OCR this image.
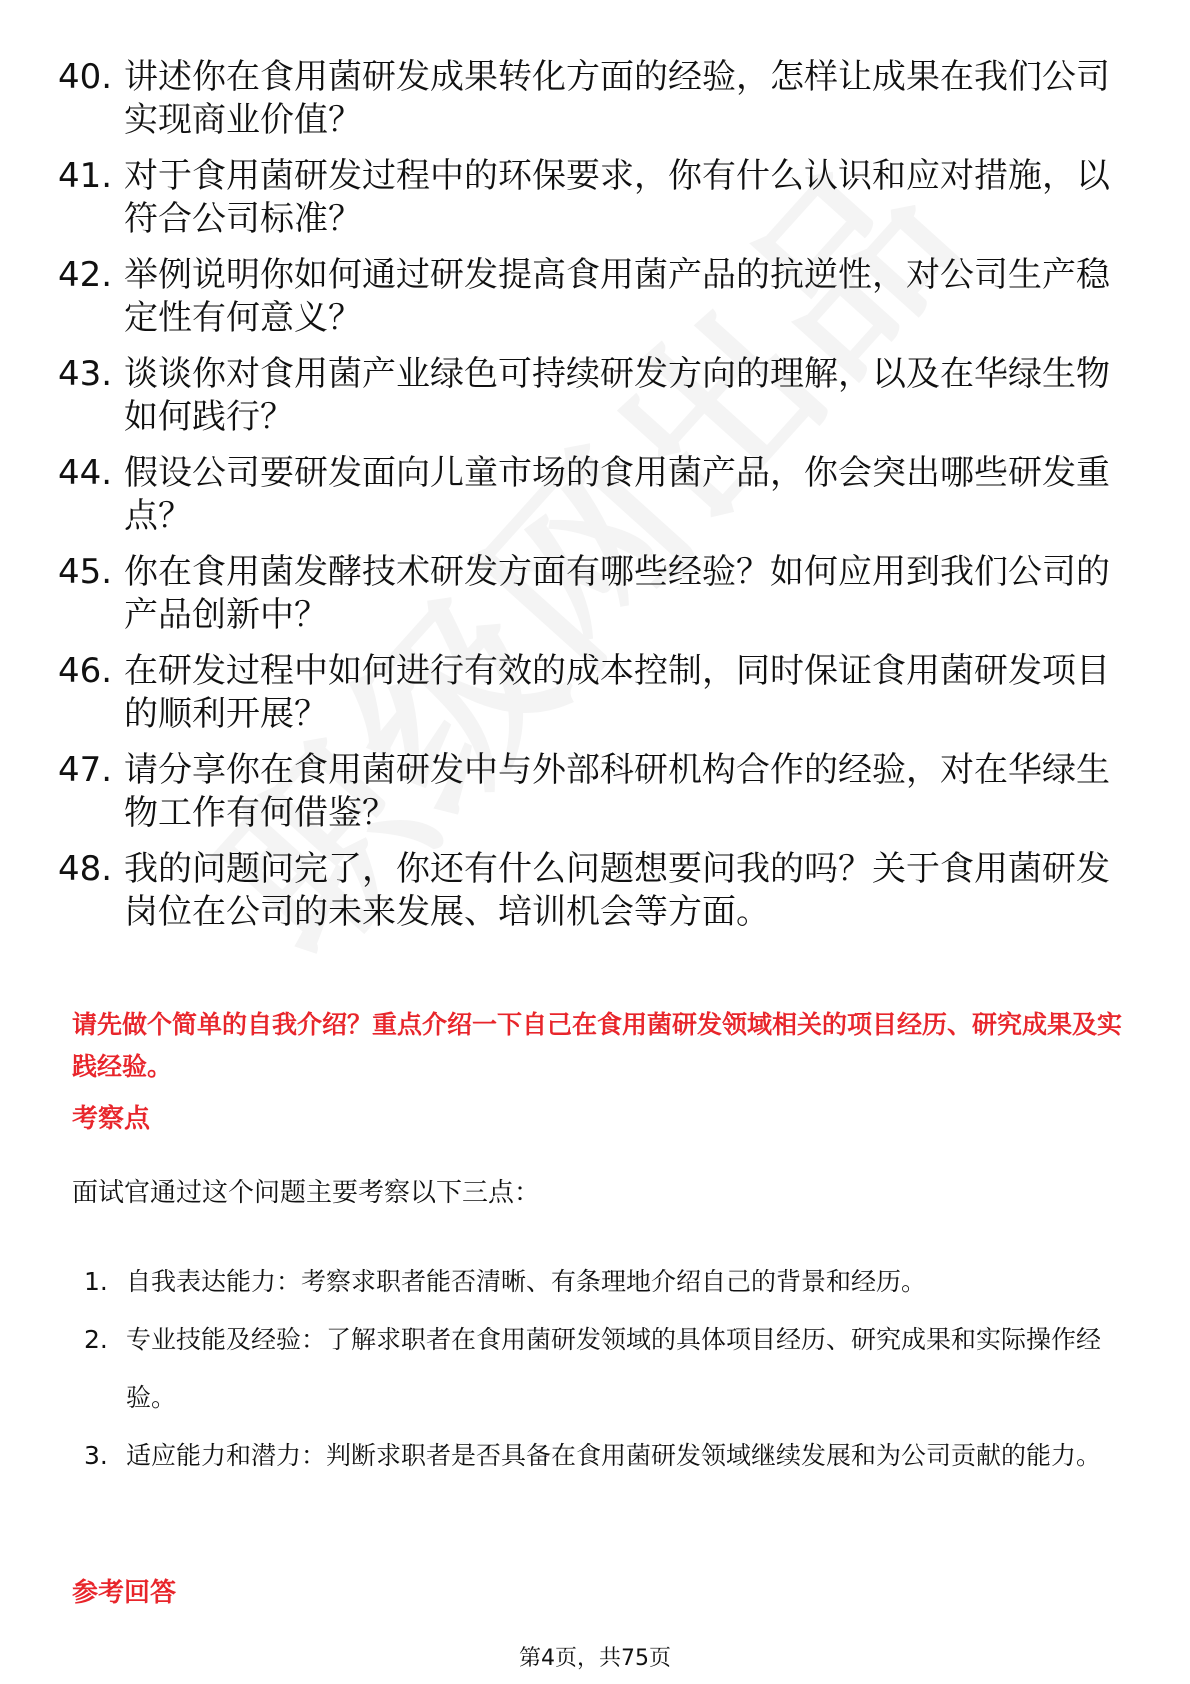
40. 讲述你在食用菌研发成果转化方面的经验，怎样让成果在我们公司实现商业价值？
41. 对于食用菌研发过程中的环保要求，你有什么认识和应对措施，以符合公司标准？
42. 举例说明你如何通过研发提高食用菌产品的抗逆性，对公司生产稳定性有何意义？
43. 谈谈你对食用菌产业绿色可持续研发方向的理解，以及在华绿生物如何践行？
44. 假设公司要研发面向儿童市场的食用菌产品，你会突出哪些研发重点？
45. 你在食用菌发酵技术研发方面有哪些经验？如何应用到我们公司的产品创新中？
46. 在研发过程中如何进行有效的成本控制，同时保证食用菌研发项目的顺利开展？
47. 请分享你在食用菌研发中与外部科研机构合作的经验，对在华绿生物工作有何借鉴？
48. 我的问题问完了，你还有什么问题想要问我的吗？关于食用菌研发岗位在公司的未来发展、培训机会等方面。
请先做个简单的自我介绍？重点介绍一下自己在食用菌研发领域相关的项目经历、研究成果及实践经验。
考察点
面试官通过这个问题主要考察以下三点：
1. 自我表达能力：考察求职者能否清晰、有条理地介绍自己的背景和经历。
2. 专业技能及经验：了解求职者在食用菌研发领域的具体项目经历、研究成果和实际操作经验。
3. 适应能力和潜力：判断求职者是否具备在食用菌研发领域继续发展和为公司贡献的能力。
参考回答
第4页，共75页
